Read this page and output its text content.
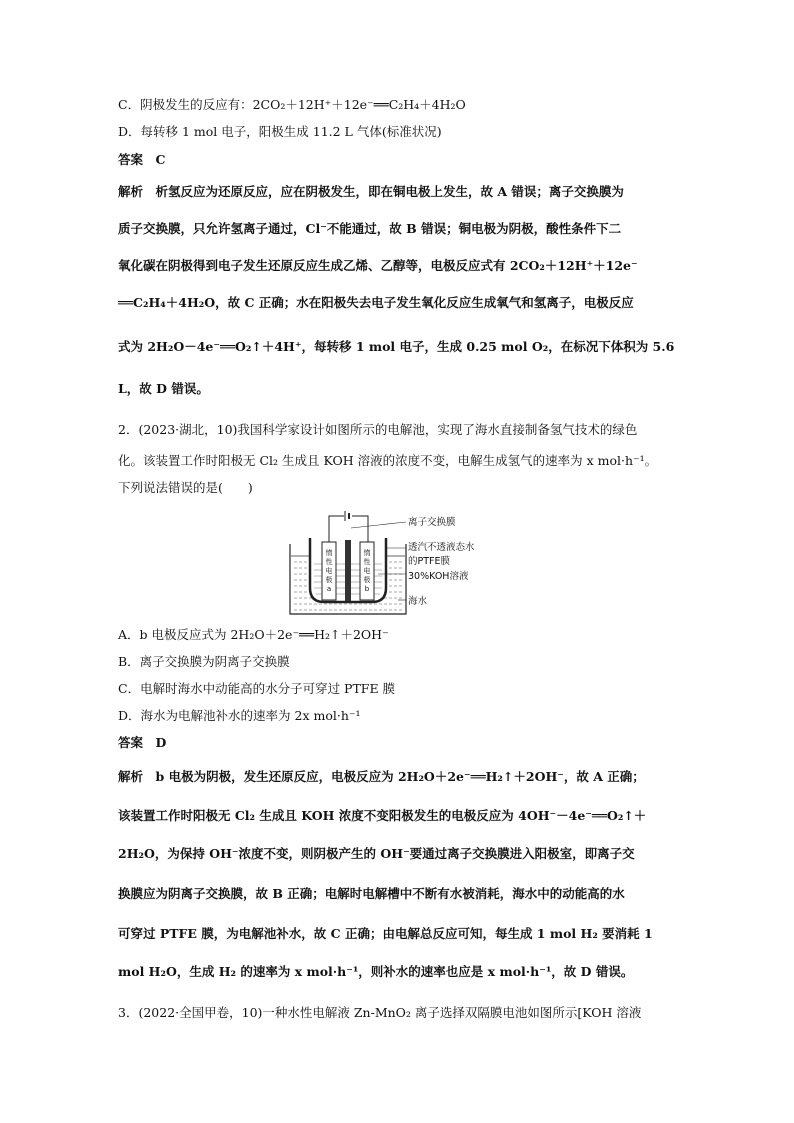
C．阴极发生的反应有：2CO₂＋12H⁺＋12e⁻══C₂H₄＋4H₂O
D．每转移 1 mol 电子，阳极生成 11.2 L 气体(标准状况)
答案　C
解析　析氢反应为还原反应，应在阴极发生，即在铜电极上发生，故 A 错误；离子交换膜为
质子交换膜，只允许氢离子通过，Cl⁻不能通过，故 B 错误；铜电极为阴极，酸性条件下二
氧化碳在阴极得到电子发生还原反应生成乙烯、乙醇等，电极反应式有 2CO₂＋12H⁺＋12e⁻
══C₂H₄＋4H₂O，故 C 正确；水在阳极失去电子发生氧化反应生成氧气和氢离子，电极反应
式为 2H₂O－4e⁻══O₂↑＋4H⁺，每转移 1 mol 电子，生成 0.25 mol O₂，在标况下体积为 5.6
L，故 D 错误。
2．(2023·湖北，10)我国科学家设计如图所示的电解池，实现了海水直接制备氢气技术的绿色
化。该装置工作时阳极无 Cl₂ 生成且 KOH 溶液的浓度不变，电解生成氢气的速率为 x mol·h⁻¹。
下列说法错误的是(　　)
惰
性
电
极
a
惰
性
电
极
b
离子交换膜
透汽不透液态水
的PTFE膜
30%KOH溶液
海水
A．b 电极反应式为 2H₂O＋2e⁻══H₂↑＋2OH⁻
B．离子交换膜为阴离子交换膜
C．电解时海水中动能高的水分子可穿过 PTFE 膜
D．海水为电解池补水的速率为 2x mol·h⁻¹
答案　D
解析　b 电极为阴极，发生还原反应，电极反应为 2H₂O＋2e⁻══H₂↑＋2OH⁻，故 A 正确；
该装置工作时阳极无 Cl₂ 生成且 KOH 浓度不变阳极发生的电极反应为 4OH⁻－4e⁻══O₂↑＋
2H₂O，为保持 OH⁻浓度不变，则阴极产生的 OH⁻要通过离子交换膜进入阳极室，即离子交
换膜应为阴离子交换膜，故 B 正确；电解时电解槽中不断有水被消耗，海水中的动能高的水
可穿过 PTFE 膜，为电解池补水，故 C 正确；由电解总反应可知，每生成 1 mol H₂ 要消耗 1
mol H₂O，生成 H₂ 的速率为 x mol·h⁻¹，则补水的速率也应是 x mol·h⁻¹，故 D 错误。
3．(2022·全国甲卷，10)一种水性电解液 Zn-MnO₂ 离子选择双隔膜电池如图所示[KOH 溶液
